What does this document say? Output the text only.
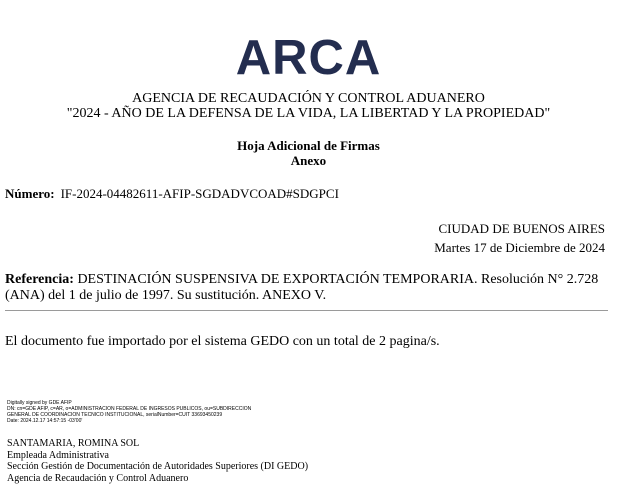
ARCA
AGENCIA DE RECAUDACIÓN Y CONTROL ADUANERO
"2024 - AÑO DE LA DEFENSA DE LA VIDA, LA LIBERTAD Y LA PROPIEDAD"
Hoja Adicional de Firmas
Anexo
Número: IF-2024-04482611-AFIP-SGDADVCOAD#SDGPCI
CIUDAD DE BUENOS AIRES
Martes 17 de Diciembre de 2024
Referencia: DESTINACIÓN SUSPENSIVA DE EXPORTACIÓN TEMPORARIA. Resolución N° 2.728 (ANA) del 1 de julio de 1997. Su sustitución. ANEXO V.
El documento fue importado por el sistema GEDO con un total de 2 pagina/s.
Digitally signed by GDE AFIP
DN: cn=GDE AFIP, c=AR, o=ADMINISTRACION FEDERAL DE INGRESOS PUBLICOS, ou=SUBDIRECCION
GENERAL DE COORDINACION TECNICO INSTITUCIONAL, serialNumber=CUIT 33693450239
Date: 2024.12.17 14:57:15 -03'00'
SANTAMARIA, ROMINA SOL
Empleada Administrativa
Sección Gestión de Documentación de Autoridades Superiores (DI GEDO)
Agencia de Recaudación y Control Aduanero
